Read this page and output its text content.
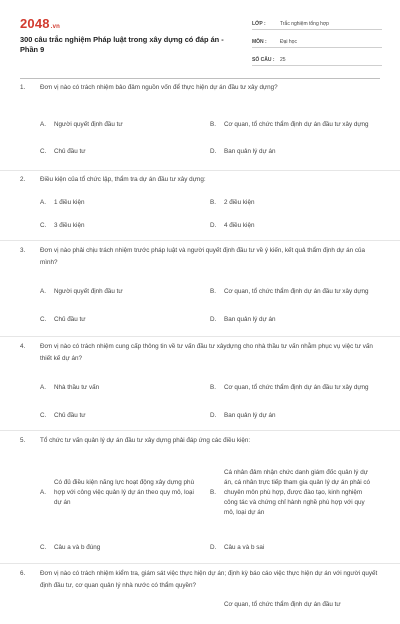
2048.vn
300 câu trắc nghiệm Pháp luật trong xây dựng có đáp án - Phần 9
LỚP :	Trắc nghiệm tổng hợp
MÔN :	Đại học
SỐ CÂU :	25
1. Đơn vị nào có trách nhiệm bảo đảm nguồn vốn để thực hiện dự án đầu tư xây dựng?
A.	Người quyết định đầu tư	B.	Cơ quan, tổ chức thẩm định dự án đầu tư xây dựng
C.	Chủ đầu tư	D.	Ban quản lý dự án
2. Điều kiện của tổ chức lập, thẩm tra dự án đầu tư xây dựng:
A.	1 điều kiện	B.	2 điều kiện
C.	3 điều kiện	D.	4 điều kiện
3. Đơn vị nào phải chịu trách nhiệm trước pháp luật và người quyết định đầu tư về ý kiến, kết quả thẩm định dự án của mình?
A.	Người quyết định đầu tư	B.	Cơ quan, tổ chức thẩm định dự án đầu tư xây dựng
C.	Chủ đầu tư	D.	Ban quản lý dự án
4. Đơn vị nào có trách nhiệm cung cấp thông tin về tư vấn đầu tư xâydựng cho nhà thầu tư vấn nhằm phục vụ việc tư vấn thiết kế dự án?
A.	Nhà thầu tư vấn	B.	Cơ quan, tổ chức thẩm định dự án đầu tư xây dựng
C.	Chủ đầu tư	D.	Ban quản lý dự án
5. Tổ chức tư vấn quản lý dự án đầu tư xây dựng phải đáp ứng các điều kiện:
A.
Có đủ điều kiện năng lực hoạt động xây dựng phù hợp với công việc quản lý dự án theo quy mô, loại dự án
B.
Cá nhân đảm nhận chức danh giám đốc quản lý dự án, cá nhân trực tiếp tham gia quản lý dự án phải có chuyên môn phù hợp, được đào tạo, kinh nghiệm công tác và chứng chỉ hành nghề phù hợp với quy mô, loại dự án
C.	Câu a và b đúng	D.	Câu a và b sai
6. Đơn vị nào có trách nhiệm kiểm tra, giám sát việc thực hiện dự án; định kỳ báo cáo việc thực hiện dự án với người quyết định đầu tư, cơ quan quản lý nhà nước có thẩm quyền?
Cơ quan, tổ chức thẩm định dự án đầu tư
